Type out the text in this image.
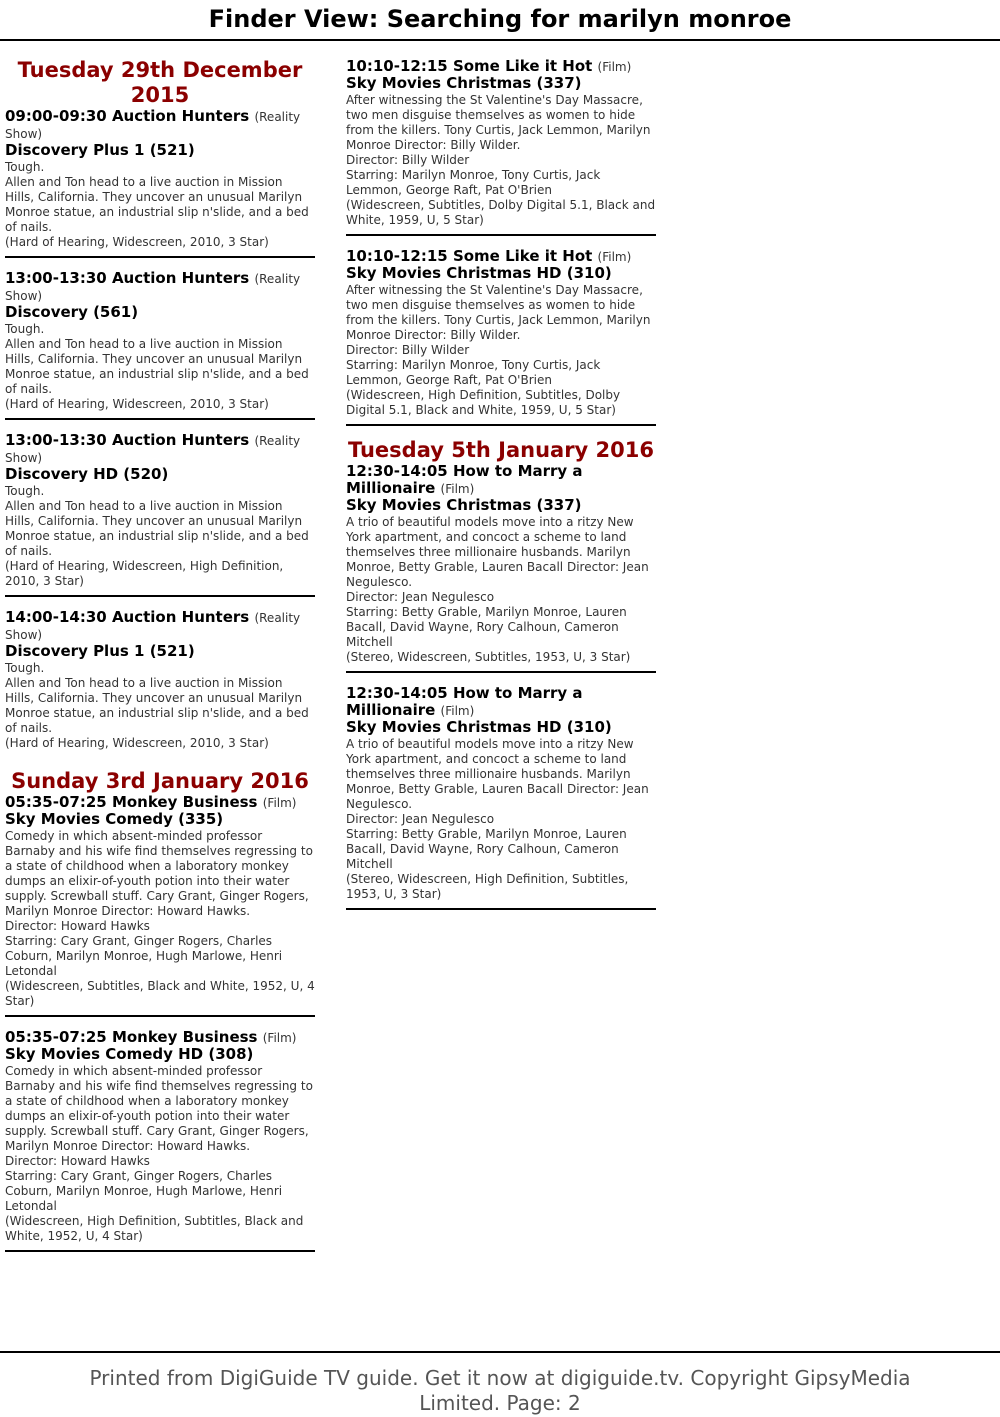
Finder View: Searching for marilyn monroe
Tuesday 29th December 2015
09:00-09:30 Auction Hunters (Reality Show)
Discovery Plus 1 (521)
Tough.
Allen and Ton head to a live auction in Mission Hills, California. They uncover an unusual Marilyn Monroe statue, an industrial slip n'slide, and a bed of nails.
(Hard of Hearing, Widescreen, 2010, 3 Star)
13:00-13:30 Auction Hunters (Reality Show)
Discovery (561)
Tough.
Allen and Ton head to a live auction in Mission Hills, California. They uncover an unusual Marilyn Monroe statue, an industrial slip n'slide, and a bed of nails.
(Hard of Hearing, Widescreen, 2010, 3 Star)
13:00-13:30 Auction Hunters (Reality Show)
Discovery HD (520)
Tough.
Allen and Ton head to a live auction in Mission Hills, California. They uncover an unusual Marilyn Monroe statue, an industrial slip n'slide, and a bed of nails.
(Hard of Hearing, Widescreen, High Definition, 2010, 3 Star)
14:00-14:30 Auction Hunters (Reality Show)
Discovery Plus 1 (521)
Tough.
Allen and Ton head to a live auction in Mission Hills, California. They uncover an unusual Marilyn Monroe statue, an industrial slip n'slide, and a bed of nails.
(Hard of Hearing, Widescreen, 2010, 3 Star)
Sunday 3rd January 2016
05:35-07:25 Monkey Business (Film)
Sky Movies Comedy (335)
Comedy in which absent-minded professor Barnaby and his wife find themselves regressing to a state of childhood when a laboratory monkey dumps an elixir-of-youth potion into their water supply. Screwball stuff. Cary Grant, Ginger Rogers, Marilyn Monroe Director: Howard Hawks.
Director: Howard Hawks
Starring: Cary Grant, Ginger Rogers, Charles Coburn, Marilyn Monroe, Hugh Marlowe, Henri Letondal
(Widescreen, Subtitles, Black and White, 1952, U, 4 Star)
05:35-07:25 Monkey Business (Film)
Sky Movies Comedy HD (308)
Comedy in which absent-minded professor Barnaby and his wife find themselves regressing to a state of childhood when a laboratory monkey dumps an elixir-of-youth potion into their water supply. Screwball stuff. Cary Grant, Ginger Rogers, Marilyn Monroe Director: Howard Hawks.
Director: Howard Hawks
Starring: Cary Grant, Ginger Rogers, Charles Coburn, Marilyn Monroe, Hugh Marlowe, Henri Letondal
(Widescreen, High Definition, Subtitles, Black and White, 1952, U, 4 Star)
10:10-12:15 Some Like it Hot (Film)
Sky Movies Christmas (337)
After witnessing the St Valentine's Day Massacre, two men disguise themselves as women to hide from the killers. Tony Curtis, Jack Lemmon, Marilyn Monroe Director: Billy Wilder.
Director: Billy Wilder
Starring: Marilyn Monroe, Tony Curtis, Jack Lemmon, George Raft, Pat O'Brien
(Widescreen, Subtitles, Dolby Digital 5.1, Black and White, 1959, U, 5 Star)
10:10-12:15 Some Like it Hot (Film)
Sky Movies Christmas HD (310)
After witnessing the St Valentine's Day Massacre, two men disguise themselves as women to hide from the killers. Tony Curtis, Jack Lemmon, Marilyn Monroe Director: Billy Wilder.
Director: Billy Wilder
Starring: Marilyn Monroe, Tony Curtis, Jack Lemmon, George Raft, Pat O'Brien
(Widescreen, High Definition, Subtitles, Dolby Digital 5.1, Black and White, 1959, U, 5 Star)
Tuesday 5th January 2016
12:30-14:05 How to Marry a Millionaire (Film)
Sky Movies Christmas (337)
A trio of beautiful models move into a ritzy New York apartment, and concoct a scheme to land themselves three millionaire husbands. Marilyn Monroe, Betty Grable, Lauren Bacall Director: Jean Negulesco.
Director: Jean Negulesco
Starring: Betty Grable, Marilyn Monroe, Lauren Bacall, David Wayne, Rory Calhoun, Cameron Mitchell
(Stereo, Widescreen, Subtitles, 1953, U, 3 Star)
12:30-14:05 How to Marry a Millionaire (Film)
Sky Movies Christmas HD (310)
A trio of beautiful models move into a ritzy New York apartment, and concoct a scheme to land themselves three millionaire husbands. Marilyn Monroe, Betty Grable, Lauren Bacall Director: Jean Negulesco.
Director: Jean Negulesco
Starring: Betty Grable, Marilyn Monroe, Lauren Bacall, David Wayne, Rory Calhoun, Cameron Mitchell
(Stereo, Widescreen, High Definition, Subtitles, 1953, U, 3 Star)
Printed from DigiGuide TV guide. Get it now at digiguide.tv. Copyright GipsyMedia Limited. Page: 2
